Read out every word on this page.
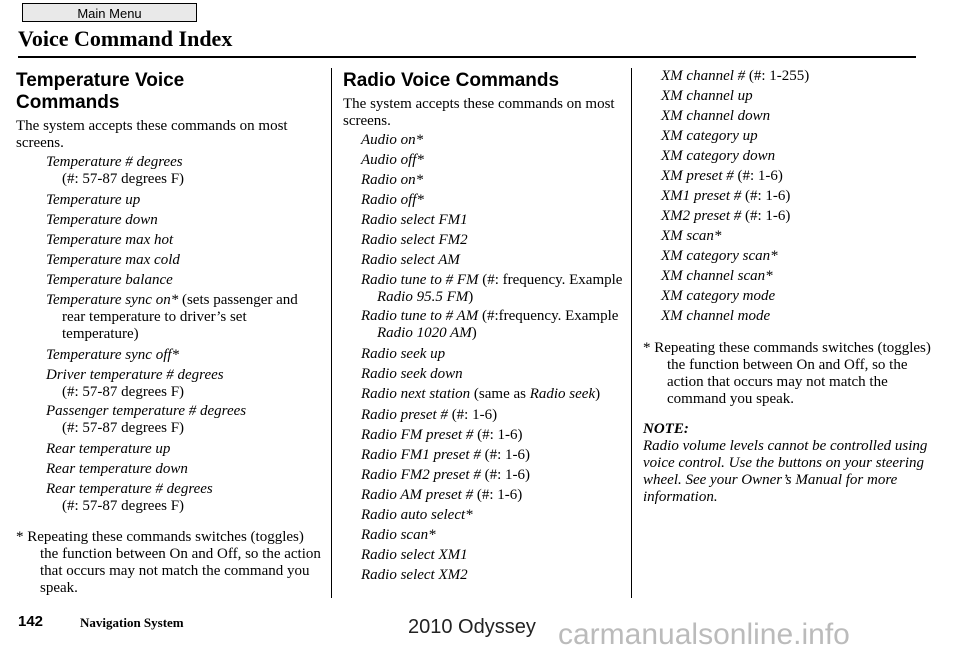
Main Menu
Voice Command Index
Temperature Voice
Commands

The system accepts these commands on most screens.

Temperature # degrees
(#: 57-87 degrees F)

Temperature up

Temperature down

Temperature max hot

Temperature max cold

Temperature balance

Temperature sync on* (sets passenger and rear temperature to driver’s set temperature)

Temperature sync off*

Driver temperature # degrees
(#: 57-87 degrees F)

Passenger temperature # degrees
(#: 57-87 degrees F)

Rear temperature up

Rear temperature down

Rear temperature # degrees
(#: 57-87 degrees F)

* Repeating these commands switches (toggles) the function between On and Off, so the action that occurs may not match the command you speak.

Radio Voice Commands

The system accepts these commands on most screens.

Audio on*

Audio off*

Radio on*

Radio off*

Radio select FM1

Radio select FM2

Radio select AM

Radio tune to # FM (#: frequency. Example Radio 95.5 FM)

Radio tune to # AM (#:frequency. Example Radio 1020 AM)

Radio seek up

Radio seek down

Radio next station (same as Radio seek)

Radio preset # (#: 1-6)

Radio FM preset # (#: 1-6)

Radio FM1 preset # (#: 1-6)

Radio FM2 preset # (#: 1-6)

Radio AM preset # (#: 1-6)

Radio auto select*

Radio scan*

Radio select XM1

Radio select XM2

XM channel # (#: 1-255)

XM channel up

XM channel down

XM category up

XM category down

XM preset # (#: 1-6)

XM1 preset # (#: 1-6)

XM2 preset # (#: 1-6)

XM scan*

XM category scan*

XM channel scan*

XM category mode

XM channel mode

* Repeating these commands switches (toggles) the function between On and Off, so the action that occurs may not match the command you speak.

NOTE:

Radio volume levels cannot be controlled using voice control. Use the buttons on your steering wheel. See your Owner’s Manual for more information.

142	Navigation System	2010 Odyssey carmanualsonline.info
